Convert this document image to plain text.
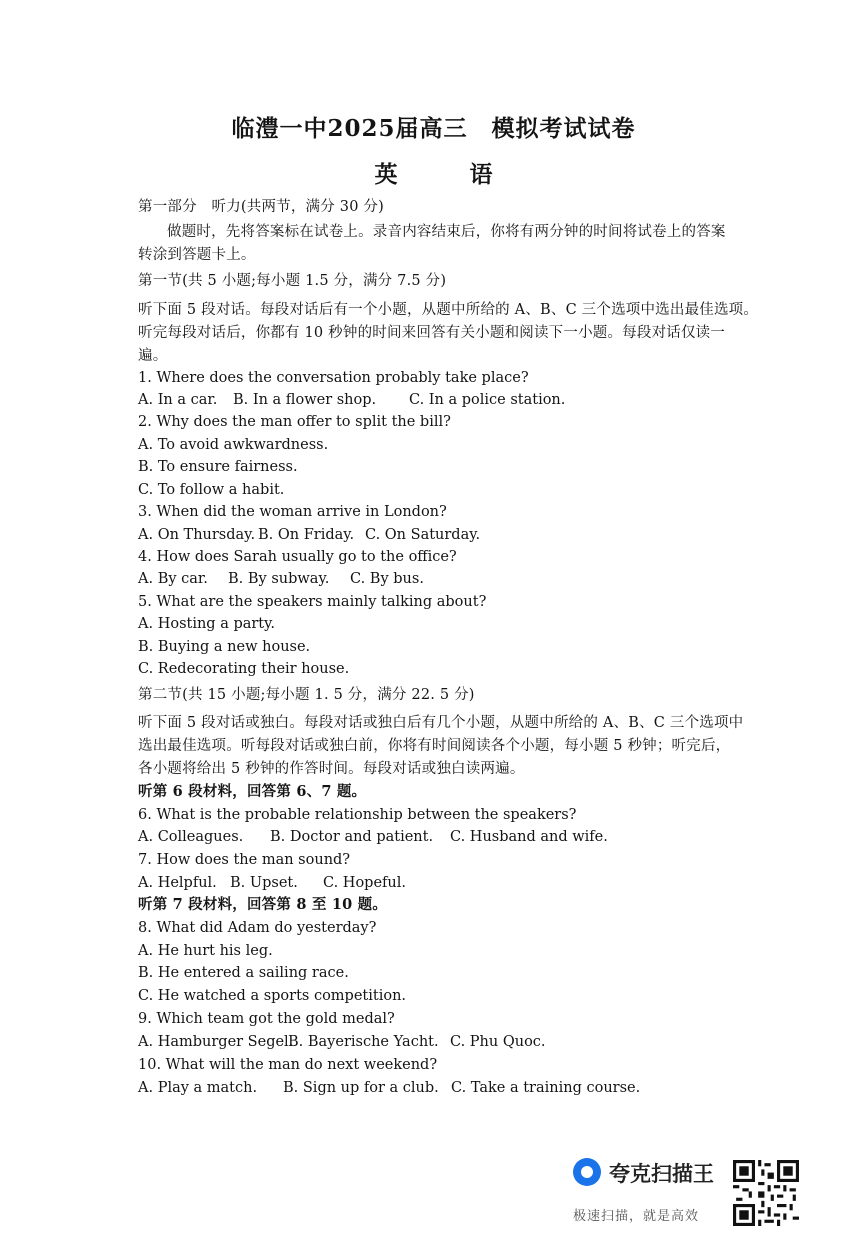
临澧一中2025届高三　模拟考试试卷
英	语
第一部分　听力(共两节，满分 30 分)
做题时，先将答案标在试卷上。录音内容结束后，你将有两分钟的时间将试卷上的答案
转涂到答题卡上。
第一节(共 5 小题;每小题 1.5 分，满分 7.5 分)
听下面 5 段对话。每段对话后有一个小题，从题中所给的 A、B、C 三个选项中选出最佳选项。
听完每段对话后，你都有 10 秒钟的时间来回答有关小题和阅读下一小题。每段对话仅读一
遍。
1. Where does the conversation probably take place?
A. In a car. B. In a flower shop. C. In a police station.
2. Why does the man offer to split the bill?
A. To avoid awkwardness.
B. To ensure fairness.
C. To follow a habit.
3. When did the woman arrive in London?
A. On Thursday. B. On Friday. C. On Saturday.
4. How does Sarah usually go to the office?
A. By car. B. By subway. C. By bus.
5. What are the speakers mainly talking about?
A. Hosting a party.
B. Buying a new house.
C. Redecorating their house.
第二节(共 15 小题;每小题 1. 5 分，满分 22. 5 分)
听下面 5 段对话或独白。每段对话或独白后有几个小题，从题中所给的 A、B、C 三个选项中
选出最佳选项。听每段对话或独白前，你将有时间阅读各个小题，每小题 5 秒钟；听完后，
各小题将给出 5 秒钟的作答时间。每段对话或独白读两遍。
听第 6 段材料，回答第 6、7 题。
6. What is the probable relationship between the speakers?
A. Colleagues. B. Doctor and patient. C. Husband and wife.
7. How does the man sound?
A. Helpful. B. Upset. C. Hopeful.
听第 7 段材料，回答第 8 至 10 题。
8. What did Adam do yesterday?
A. He hurt his leg.
B. He entered a sailing race.
C. He watched a sports competition.
9. Which team got the gold medal?
A. Hamburger Segel.B. Bayerische Yacht. C. Phu Quoc.
10. What will the man do next weekend?
A. Play a match. B. Sign up for a club. C. Take a training course.
夸克扫描王
极速扫描，就是高效
